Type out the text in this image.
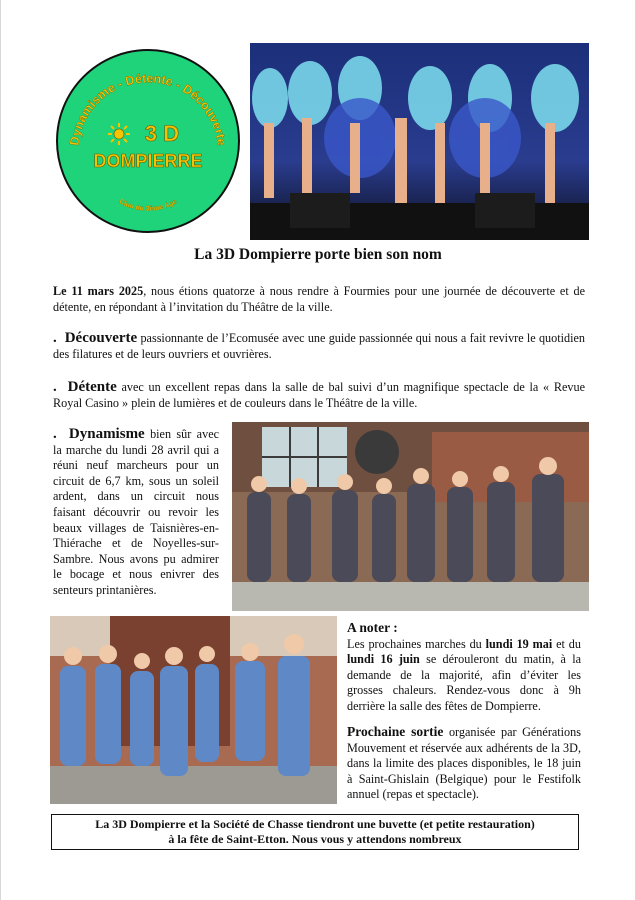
Dynamisme - Détente - Découverte
Club du 3ème Age
3 D
DOMPIERRE
La 3D Dompierre porte bien son nom

Le 11 mars 2025, nous étions quatorze à nous rendre à Fourmies pour une journée de découverte et de détente, en répondant à l’invitation du Théâtre de la ville.

.  Découverte passionnante de l’Ecomusée avec une guide passionnée qui nous a fait revivre le quotidien des filatures et de leurs ouvriers et ouvrières.

.  Détente avec un excellent repas dans la salle de bal suivi d’un magnifique spectacle de la « Revue Royal Casino » plein de lumières et de couleurs dans le Théâtre de la ville.

.  Dynamisme bien sûr avec la marche du lundi 28 avril qui a réuni neuf marcheurs pour un circuit de 6,7 km, sous un soleil ardent, dans un circuit nous faisant découvrir ou revoir les beaux villages de Taisnières-en-Thiérache et de Noyelles-sur-Sambre. Nous avons pu admirer le bocage et nous enivrer des senteurs printanières.

A noter :
Les prochaines marches du lundi 19 mai et du lundi 16 juin se dérouleront du matin, à la demande de la majorité, afin d’éviter les grosses chaleurs. Rendez-vous donc à 9h derrière la salle des fêtes de Dompierre.

Prochaine sortie organisée par Générations Mouvement et réservée aux adhérents de la 3D, dans la limite des places disponibles, le 18 juin à Saint-Ghislain (Belgique) pour le Festifolk annuel (repas et spectacle).

La 3D Dompierre et la Société de Chasse tiendront une buvette (et petite restauration)
à la fête de Saint-Etton. Nous vous y attendons nombreux
